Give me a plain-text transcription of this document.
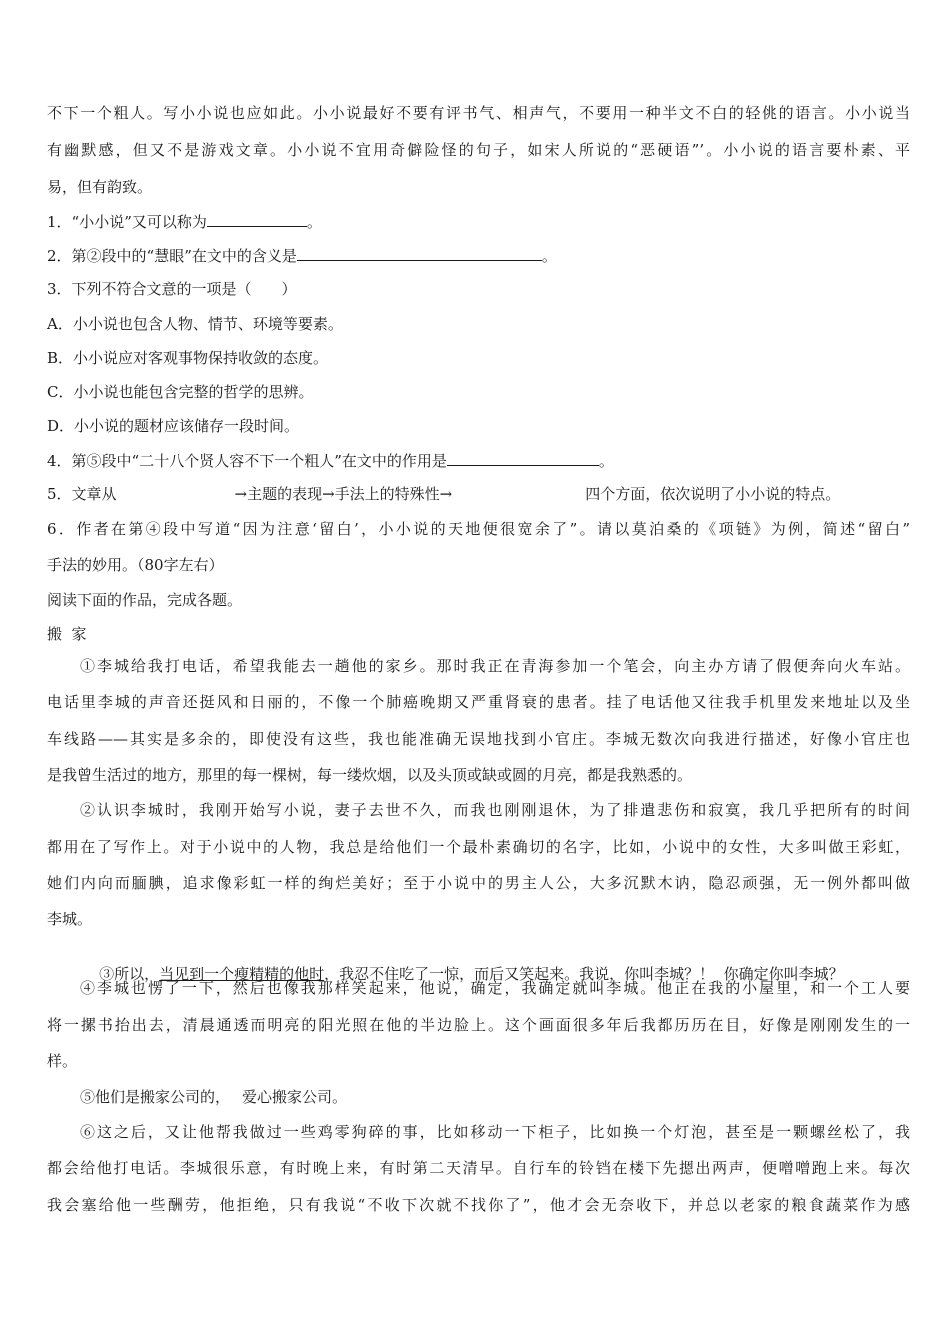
不下一个粗人。写小小说也应如此。小小说最好不要有评书气、相声气，不要用一种半文不白的轻佻的语言。小小说当
有幽默感，但又不是游戏文章。小小说不宜用奇僻险怪的句子，如宋人所说的“恶硬语”’。小小说的语言要朴素、平
易，但有韵致。
1．“小小说”又可以称为	。
2．第②段中的“慧眼”在文中的含义是	。
3．下列不符合文意的一项是（　　）
A．小小说也包含人物、情节、环境等要素。
B．小小说应对客观事物保持收敛的态度。
C．小小说也能包含完整的哲学的思辨。
D．小小说的题材应该储存一段时间。
4．第⑤段中“二十八个贤人容不下一个粗人”在文中的作用是	。
5．文章从	→主题的表现→手法上的特殊性→	四个方面，依次说明了小小说的特点。
6．作者在第④段中写道“因为注意‘留白’，小小说的天地便很宽余了”。请以莫泊桑的《项链》为例，简述“留白”
手法的妙用。（80字左右）
阅读下面的作品，完成各题。
搬  家
①李城给我打电话，希望我能去一趟他的家乡。那时我正在青海参加一个笔会，向主办方请了假便奔向火车站。
电话里李城的声音还挺风和日丽的，不像一个肺癌晚期又严重肾衰的患者。挂了电话他又往我手机里发来地址以及坐
车线路——其实是多余的，即使没有这些，我也能准确无误地找到小官庄。李城无数次向我进行描述，好像小官庄也
是我曾生活过的地方，那里的每一棵树，每一缕炊烟，以及头顶或缺或圆的月亮，都是我熟悉的。
②认识李城时，我刚开始写小说，妻子去世不久，而我也刚刚退休，为了排遣悲伤和寂寞，我几乎把所有的时间
都用在了写作上。对于小说中的人物，我总是给他们一个最朴素确切的名字，比如，小说中的女性，大多叫做王彩虹，
她们内向而腼腆，追求像彩虹一样的绚烂美好；至于小说中的男主人公，大多沉默木讷，隐忍顽强，无一例外都叫做
李城。

③所以，当见到一个瘦精精的他时，我忍不住吃了一惊，而后又笑起来。我说，你叫李城？！  你确定你叫李城？

④李城也愣了一下，然后也像我那样笑起来，他说，确定，我确定就叫李城。他正在我的小屋里，和一个工人要
将一摞书抬出去，清晨通透而明亮的阳光照在他的半边脸上。这个画面很多年后我都历历在目，好像是刚刚发生的一
样。
⑤他们是搬家公司的， 爱心搬家公司。
⑥这之后，又让他帮我做过一些鸡零狗碎的事，比如移动一下柜子，比如换一个灯泡，甚至是一颗螺丝松了，我
都会给他打电话。李城很乐意，有时晚上来，有时第二天清早。自行车的铃铛在楼下先摁出两声，便噌噌跑上来。每次
我会塞给他一些酬劳，他拒绝，只有我说“不收下次就不找你了”，他才会无奈收下，并总以老家的粮食蔬菜作为感
